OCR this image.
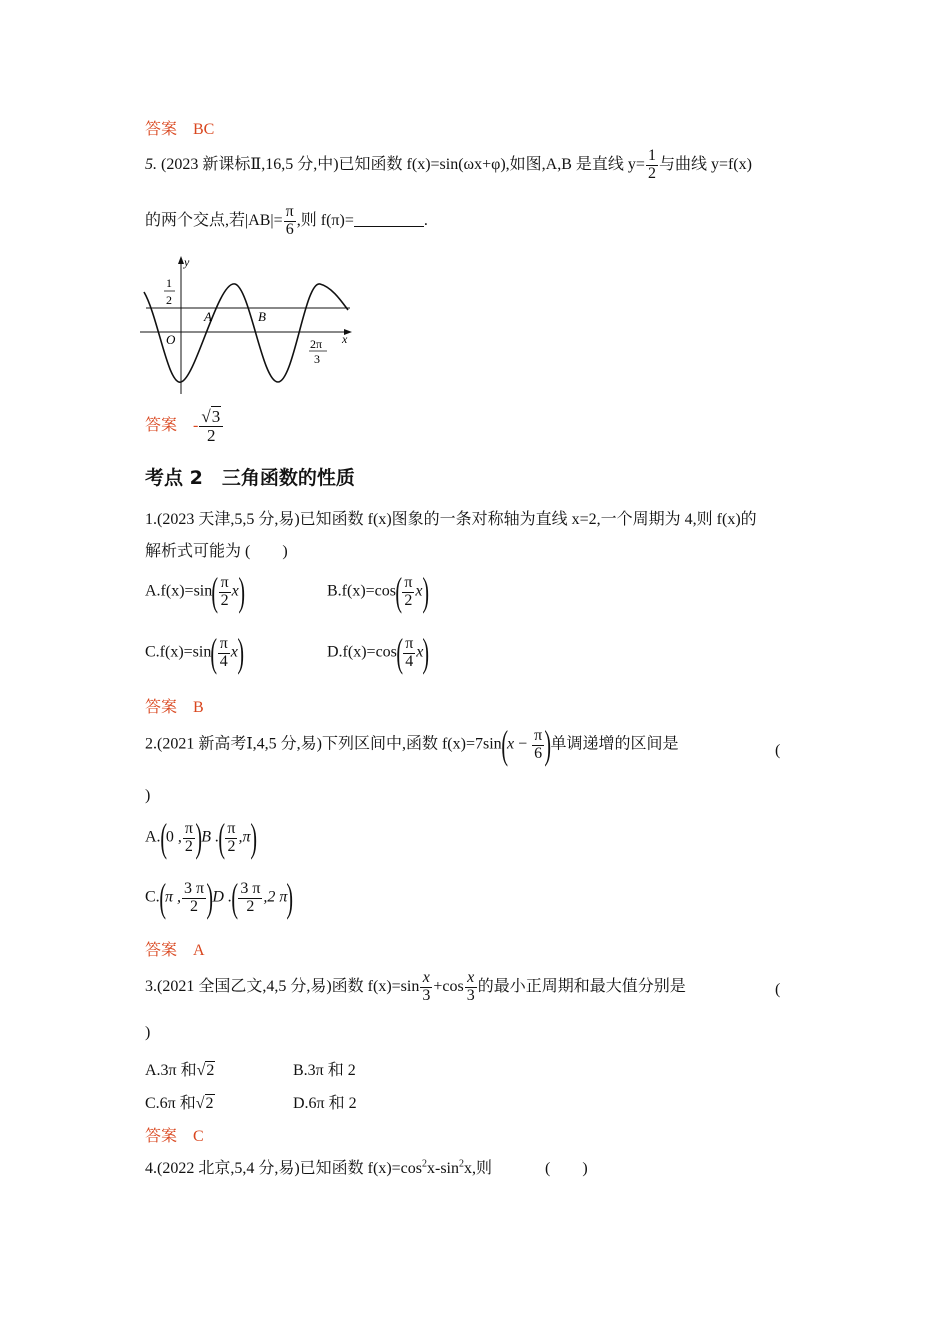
答案　BC
5. (2023 新课标Ⅱ,16,5 分,中)已知函数 f(x)=sin(ωx+φ),如图,A,B 是直线 $y= \frac{1}{2}$ 与曲线 y=f(x)
的两个交点,若$|AB|= \frac{\pi}{6}$ ,则 f(π)=	.
y
x
O
A	B
1
2
2π
3
答案 - $\frac{√3}{2}$
考点 2　三角函数的性质
1.(2023 天津,5,5 分,易)已知函数 f(x)图象的一条对称轴为直线 x=2,一个周期为 4,则 f(x)的
解析式可能为 (　　)
$A.f(x)=\sin( \frac{\pi}{2} x)$	$B.f(x)=\cos( \frac{\pi}{2} x)$
$C.f(x)=\sin( \frac{\pi}{4} x)$	$D.f(x)=\cos( \frac{\pi}{4} x)$
答案　B
2.(2021 新高考Ⅰ,4,5 分,易)下列区间中,函数 $f(x)=7\sin(x - \frac{\pi}{6}$ )单调递增的区间是	(
)
A.(0 , $\frac{\pi}{2} )B$ .( $\frac{\pi}{2} ,\pi$)
C.(π , $\frac{3 \pi}{2} )D$ .( $\frac{3 \pi}{2} ,2$ π)
答案　A
3.(2021 全国乙文,4,5 分,易)函数 $f(x)=\sin \frac{x}{3} +\cos \frac{x}{3}$ 的最小正周期和最大值分别是	(
)
A.3π 和√2	B.3π 和 2
C.6π 和√2	D.6π 和 2
答案　C
4.(2022 北京,5,4 分,易)已知函数 $f(x)=\cos^2x-\sin^2x$,则	(　　)
